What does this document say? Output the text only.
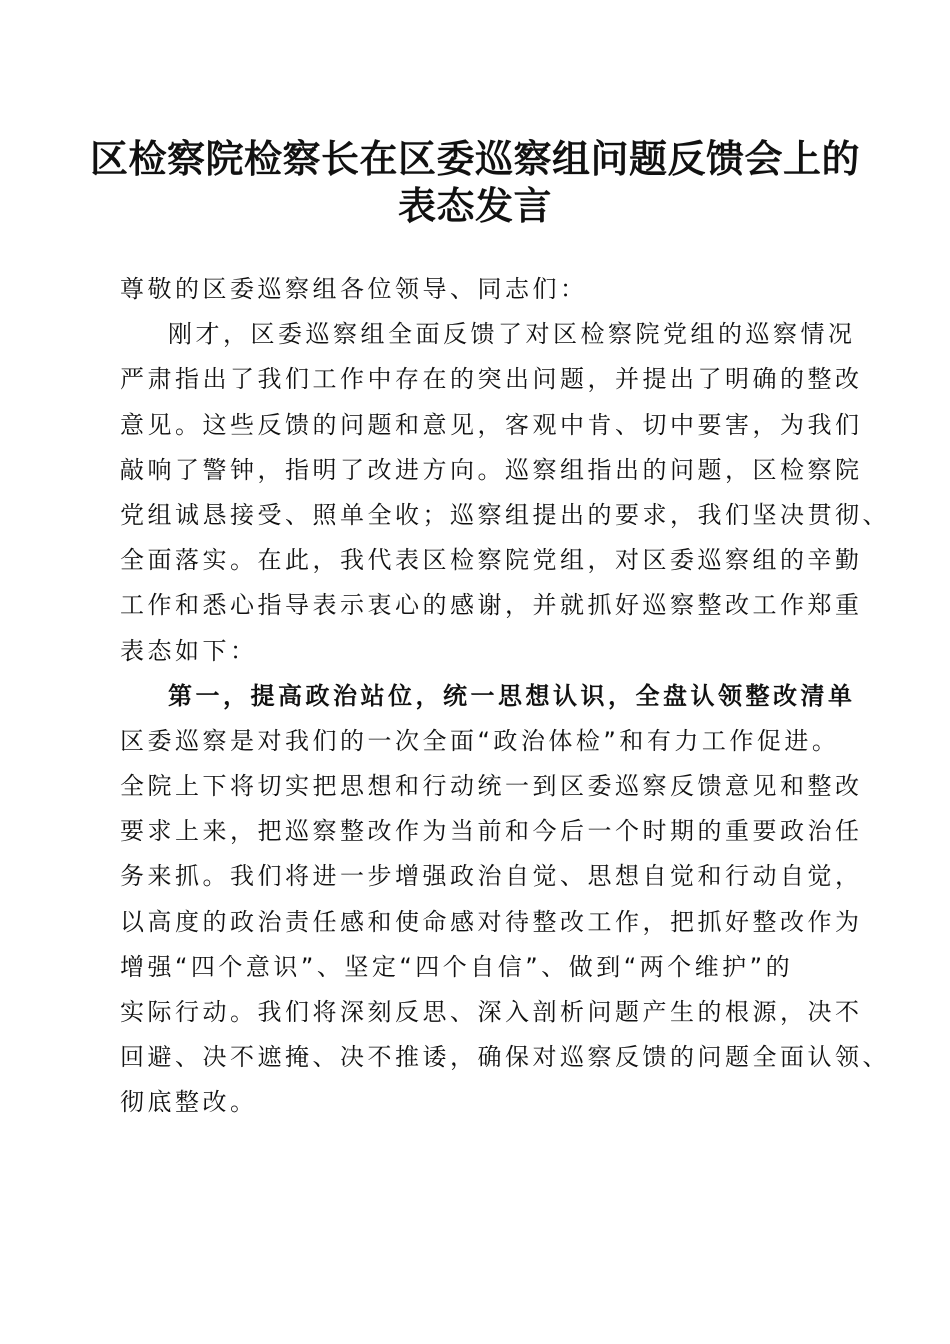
区检察院检察长在区委巡察组问题反馈会上的
表态发言
尊敬的区委巡察组各位领导、同志们：
刚才，区委巡察组全面反馈了对区检察院党组的巡察情况
严肃指出了我们工作中存在的突出问题，并提出了明确的整改
意见。这些反馈的问题和意见，客观中肯、切中要害，为我们
敲响了警钟，指明了改进方向。巡察组指出的问题，区检察院
党组诚恳接受、照单全收；巡察组提出的要求，我们坚决贯彻、
全面落实。在此，我代表区检察院党组，对区委巡察组的辛勤
工作和悉心指导表示衷心的感谢，并就抓好巡察整改工作郑重
表态如下：
第一，提高政治站位，统一思想认识，全盘认领整改清单
区委巡察是对我们的一次全面“政治体检”和有力工作促进。
全院上下将切实把思想和行动统一到区委巡察反馈意见和整改
要求上来，把巡察整改作为当前和今后一个时期的重要政治任
务来抓。我们将进一步增强政治自觉、思想自觉和行动自觉，
以高度的政治责任感和使命感对待整改工作，把抓好整改作为
增强“四个意识”、坚定“四个自信”、做到“两个维护”的
实际行动。我们将深刻反思、深入剖析问题产生的根源，决不
回避、决不遮掩、决不推诿，确保对巡察反馈的问题全面认领、
彻底整改。
